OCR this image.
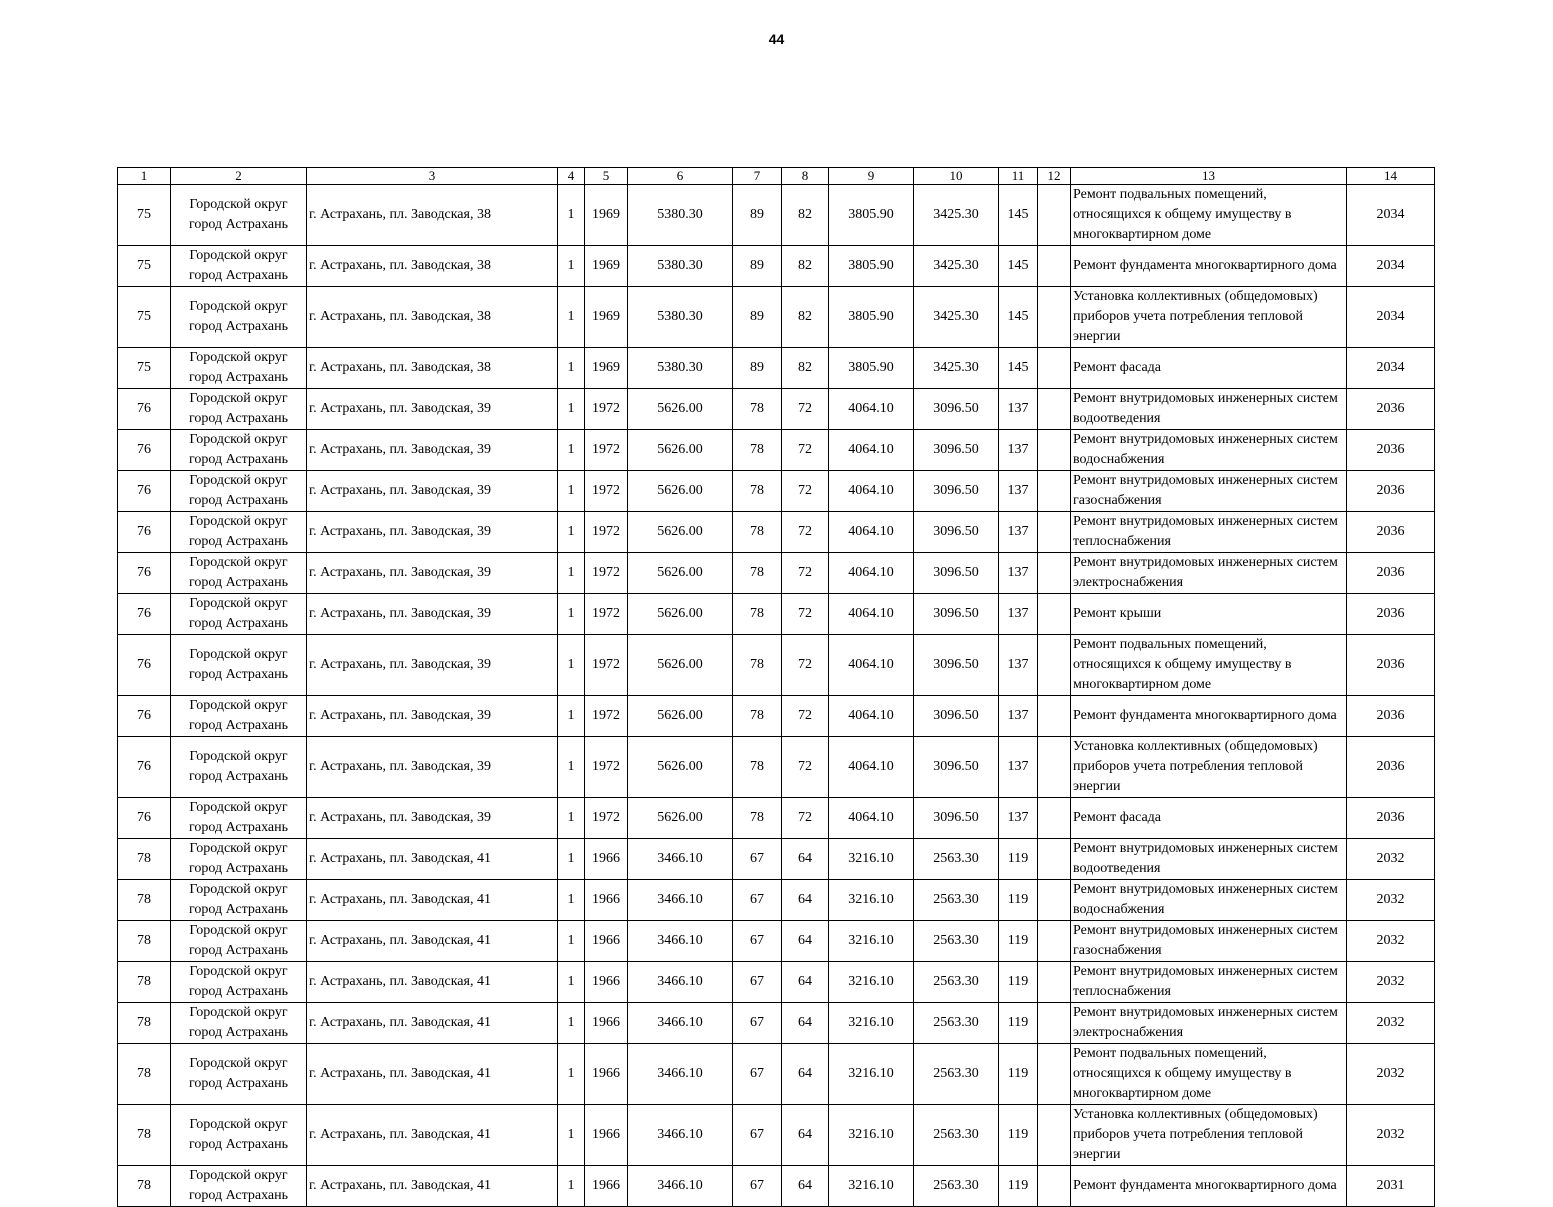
44
1	2	3	4	5	6	7	8	9	10	11	12	13	14
75	Городской округ город Астрахань	г. Астрахань, пл. Заводская, 38	1	1969	5380.30	89	82	3805.90	3425.30	145		Ремонт подвальных помещений, относящихся к общему имуществу в многоквартирном доме	2034
75	Городской округ город Астрахань	г. Астрахань, пл. Заводская, 38	1	1969	5380.30	89	82	3805.90	3425.30	145		Ремонт фундамента многоквартирного дома	2034
75	Городской округ город Астрахань	г. Астрахань, пл. Заводская, 38	1	1969	5380.30	89	82	3805.90	3425.30	145		Установка коллективных (общедомовых) приборов учета потребления тепловой энергии	2034
75	Городской округ город Астрахань	г. Астрахань, пл. Заводская, 38	1	1969	5380.30	89	82	3805.90	3425.30	145		Ремонт фасада	2034
76	Городской округ город Астрахань	г. Астрахань, пл. Заводская, 39	1	1972	5626.00	78	72	4064.10	3096.50	137		Ремонт внутридомовых инженерных систем водоотведения	2036
76	Городской округ город Астрахань	г. Астрахань, пл. Заводская, 39	1	1972	5626.00	78	72	4064.10	3096.50	137		Ремонт внутридомовых инженерных систем водоснабжения	2036
76	Городской округ город Астрахань	г. Астрахань, пл. Заводская, 39	1	1972	5626.00	78	72	4064.10	3096.50	137		Ремонт внутридомовых инженерных систем газоснабжения	2036
76	Городской округ город Астрахань	г. Астрахань, пл. Заводская, 39	1	1972	5626.00	78	72	4064.10	3096.50	137		Ремонт внутридомовых инженерных систем теплоснабжения	2036
76	Городской округ город Астрахань	г. Астрахань, пл. Заводская, 39	1	1972	5626.00	78	72	4064.10	3096.50	137		Ремонт внутридомовых инженерных систем электроснабжения	2036
76	Городской округ город Астрахань	г. Астрахань, пл. Заводская, 39	1	1972	5626.00	78	72	4064.10	3096.50	137		Ремонт крыши	2036
76	Городской округ город Астрахань	г. Астрахань, пл. Заводская, 39	1	1972	5626.00	78	72	4064.10	3096.50	137		Ремонт подвальных помещений, относящихся к общему имуществу в многоквартирном доме	2036
76	Городской округ город Астрахань	г. Астрахань, пл. Заводская, 39	1	1972	5626.00	78	72	4064.10	3096.50	137		Ремонт фундамента многоквартирного дома	2036
76	Городской округ город Астрахань	г. Астрахань, пл. Заводская, 39	1	1972	5626.00	78	72	4064.10	3096.50	137		Установка коллективных (общедомовых) приборов учета потребления тепловой энергии	2036
76	Городской округ город Астрахань	г. Астрахань, пл. Заводская, 39	1	1972	5626.00	78	72	4064.10	3096.50	137		Ремонт фасада	2036
78	Городской округ город Астрахань	г. Астрахань, пл. Заводская, 41	1	1966	3466.10	67	64	3216.10	2563.30	119		Ремонт внутридомовых инженерных систем водоотведения	2032
78	Городской округ город Астрахань	г. Астрахань, пл. Заводская, 41	1	1966	3466.10	67	64	3216.10	2563.30	119		Ремонт внутридомовых инженерных систем водоснабжения	2032
78	Городской округ город Астрахань	г. Астрахань, пл. Заводская, 41	1	1966	3466.10	67	64	3216.10	2563.30	119		Ремонт внутридомовых инженерных систем газоснабжения	2032
78	Городской округ город Астрахань	г. Астрахань, пл. Заводская, 41	1	1966	3466.10	67	64	3216.10	2563.30	119		Ремонт внутридомовых инженерных систем теплоснабжения	2032
78	Городской округ город Астрахань	г. Астрахань, пл. Заводская, 41	1	1966	3466.10	67	64	3216.10	2563.30	119		Ремонт внутридомовых инженерных систем электроснабжения	2032
78	Городской округ город Астрахань	г. Астрахань, пл. Заводская, 41	1	1966	3466.10	67	64	3216.10	2563.30	119		Ремонт подвальных помещений, относящихся к общему имуществу в многоквартирном доме	2032
78	Городской округ город Астрахань	г. Астрахань, пл. Заводская, 41	1	1966	3466.10	67	64	3216.10	2563.30	119		Установка коллективных (общедомовых) приборов учета потребления тепловой энергии	2032
78	Городской округ город Астрахань	г. Астрахань, пл. Заводская, 41	1	1966	3466.10	67	64	3216.10	2563.30	119		Ремонт фундамента многоквартирного дома	2031
